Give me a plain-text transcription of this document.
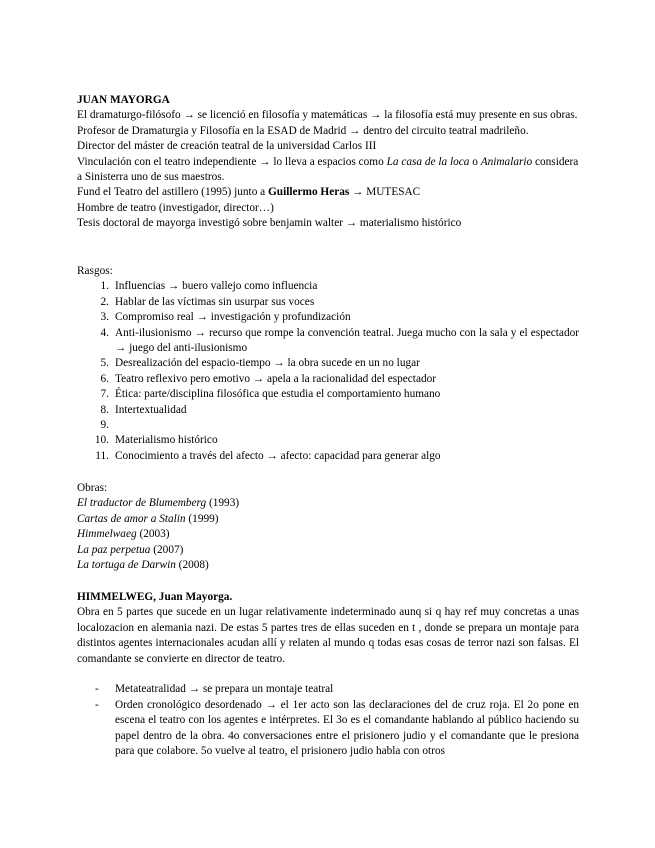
JUAN MAYORGA

El dramaturgo-filósofo → se licenció en filosofía y matemáticas → la filosofía está muy presente en sus obras.

Profesor de Dramaturgia y Filosofía en la ESAD de Madrid → dentro del circuito teatral madrileño.

Director del máster de creación teatral de la universidad Carlos III

Vinculación con el teatro independiente → lo lleva a espacios como La casa de la loca o Animalario considera a Sinisterra uno de sus maestros.

Fund el Teatro del astillero (1995) junto a Guillermo Heras → MUTESAC

Hombre de teatro (investigador, director…)

Tesis doctoral de mayorga investigó sobre benjamin walter → materialismo histórico

Rasgos:

1. Influencias → buero vallejo como influencia
2. Hablar de las víctimas sin usurpar sus voces
3. Compromiso real → investigación y profundización
4. Anti-ilusionismo → recurso que rompe la convención teatral. Juega mucho con la sala y el espectador → juego del anti-ilusionismo
5. Desrealización del espacio-tiempo → la obra sucede en un no lugar
6. Teatro reflexivo pero emotivo → apela a la racionalidad del espectador
7. Ética: parte/disciplina filosófica que estudia el comportamiento humano
8. Intertextualidad
9.
10. Materialismo histórico
11. Conocimiento a través del afecto → afecto: capacidad para generar algo

Obras:

El traductor de Blumemberg (1993)

Cartas de amor a Stalin (1999)

Himmelwaeg (2003)

La paz perpetua (2007)

La tortuga de Darwin (2008)

HIMMELWEG, Juan Mayorga.

Obra en 5 partes que sucede en un lugar relativamente indeterminado aunq si q hay ref muy concretas a unas localozacion en alemania nazi. De estas 5 partes tres de ellas suceden en t , donde se prepara un montaje para distintos agentes internacionales acudan allí y relaten al mundo q todas esas cosas de terror nazi son falsas. El comandante se convierte en director de teatro.

- Metateatralidad → se prepara un montaje teatral
- Orden cronológico desordenado → el 1er acto son las declaraciones del de cruz roja. El 2o pone en escena el teatro con los agentes e intérpretes. El 3o es el comandante hablando al público haciendo su papel dentro de la obra. 4o conversaciones entre el prisionero judio y el comandante que le presiona para que colabore. 5o vuelve al teatro, el prisionero judio habla con otros
